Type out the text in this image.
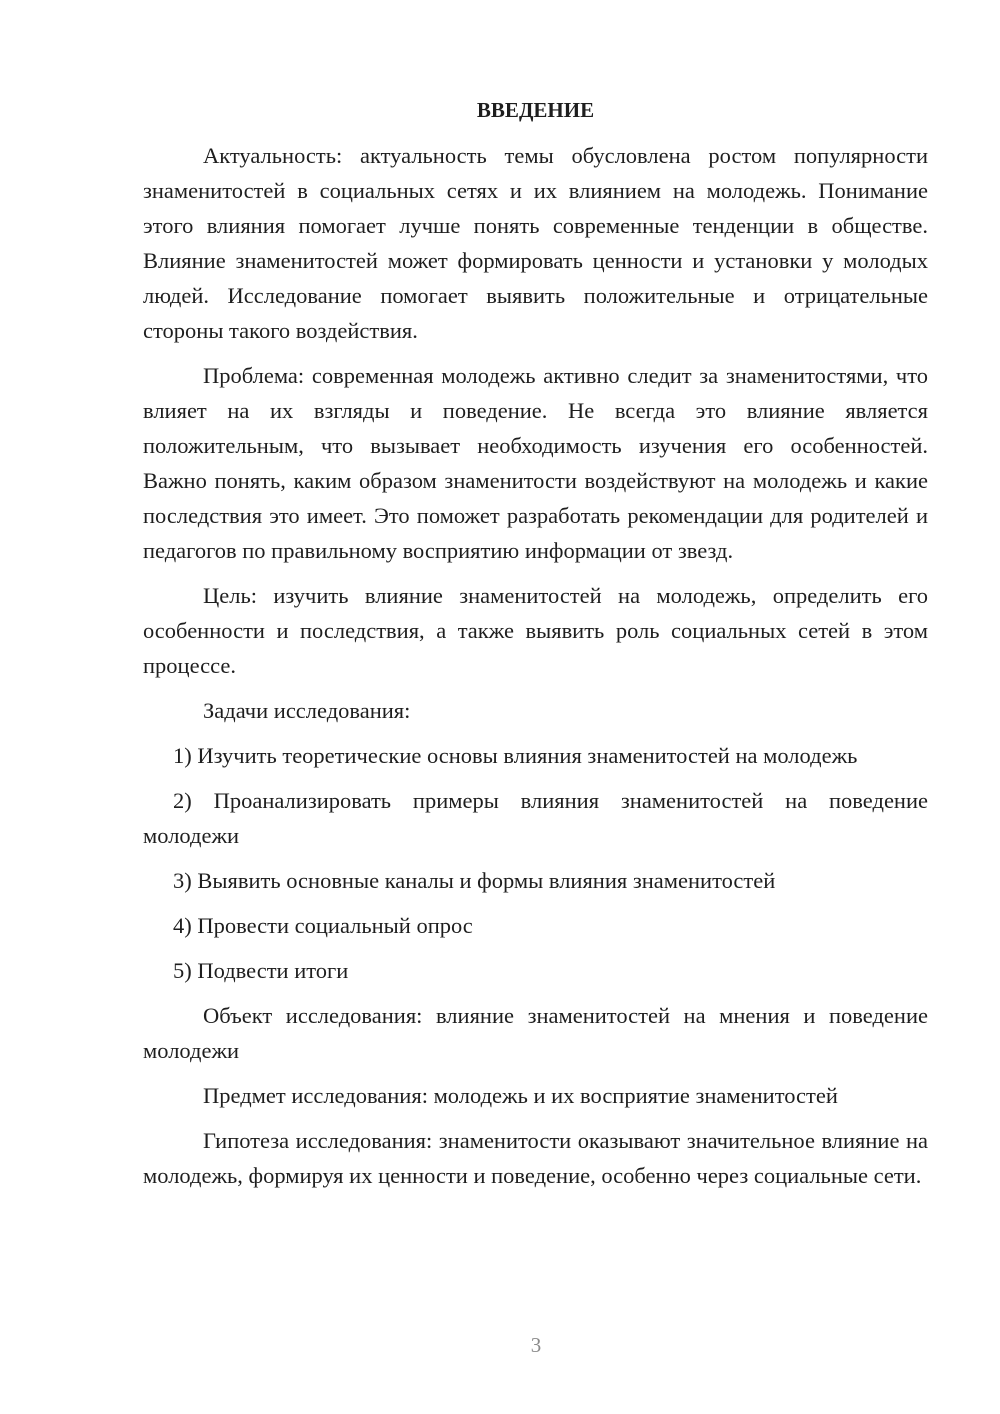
ВВЕДЕНИЕ

Актуальность: актуальность темы обусловлена ростом популярности знаменитостей в социальных сетях и их влиянием на молодежь. Понимание этого влияния помогает лучше понять современные тенденции в обществе. Влияние знаменитостей может формировать ценности и установки у молодых людей. Исследование помогает выявить положительные и отрицательные стороны такого воздействия.

Проблема: современная молодежь активно следит за знаменитостями, что влияет на их взгляды и поведение. Не всегда это влияние является положительным, что вызывает необходимость изучения его особенностей. Важно понять, каким образом знаменитости воздействуют на молодежь и какие последствия это имеет. Это поможет разработать рекомендации для родителей и педагогов по правильному восприятию информации от звезд.

Цель: изучить влияние знаменитостей на молодежь, определить его особенности и последствия, а также выявить роль социальных сетей в этом процессе.

Задачи исследования:

1) Изучить теоретические основы влияния знаменитостей на молодежь

2) Проанализировать примеры влияния знаменитостей на поведение молодежи

3) Выявить основные каналы и формы влияния знаменитостей

4) Провести социальный опрос

5) Подвести итоги

Объект исследования: влияние знаменитостей на мнения и поведение молодежи

Предмет исследования: молодежь и их восприятие знаменитостей

Гипотеза исследования: знаменитости оказывают значительное влияние на молодежь, формируя их ценности и поведение, особенно через социальные сети.

3
